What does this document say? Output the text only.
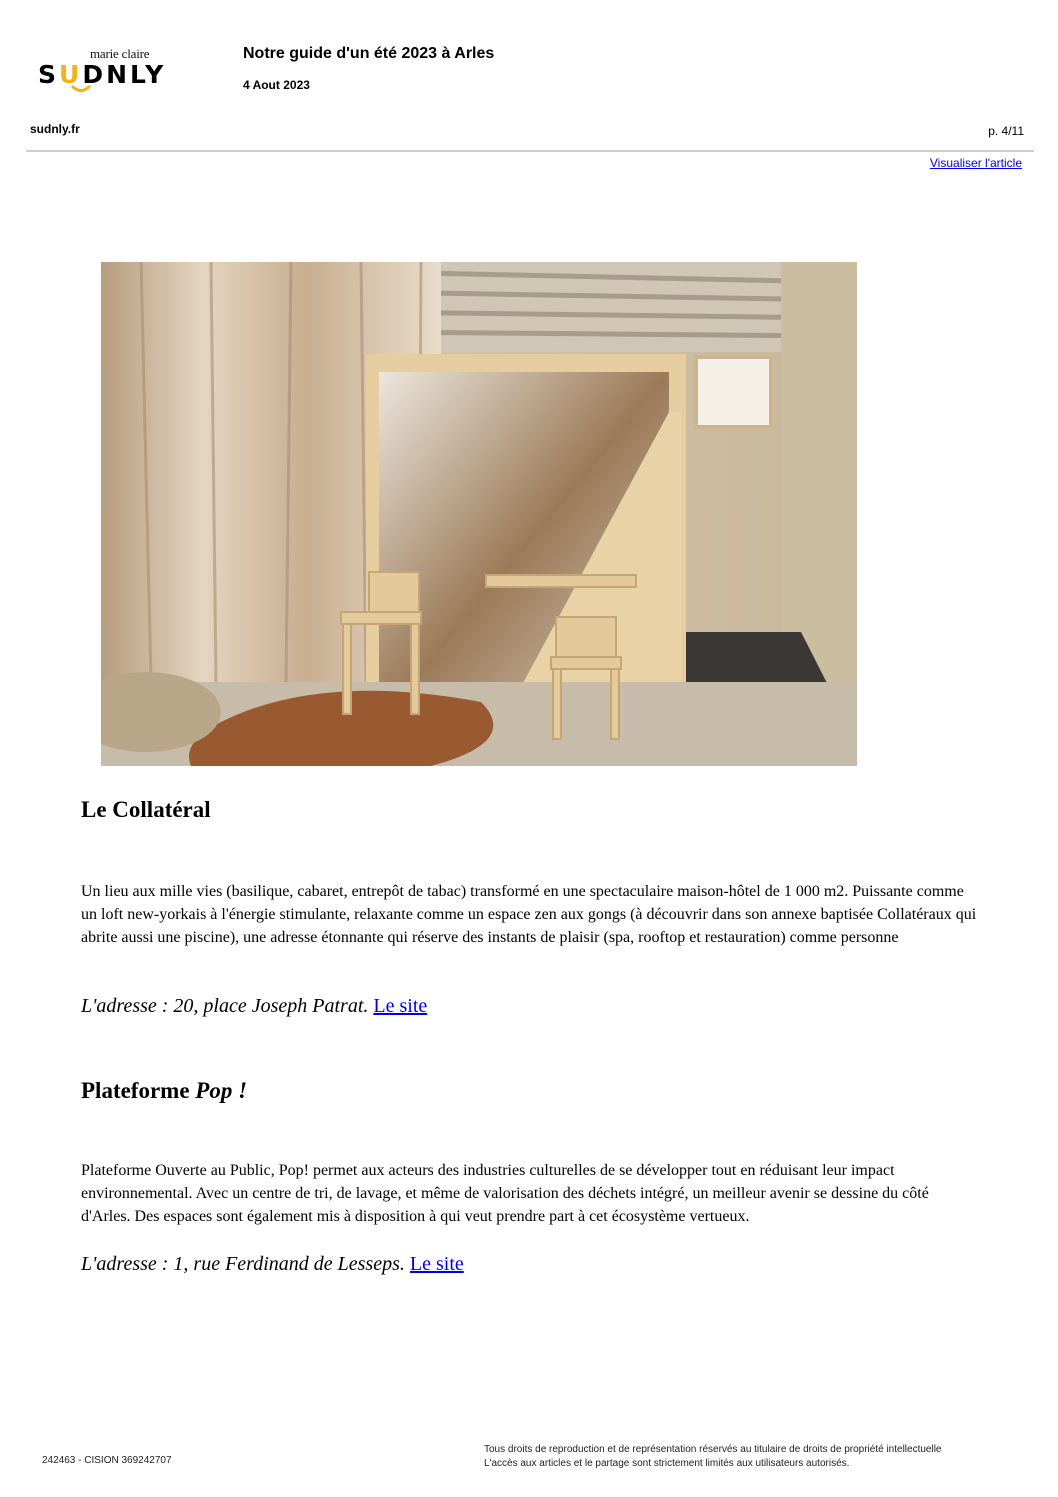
marie claire
SUDNLY
Notre guide d'un été 2023 à Arles
4 Aout 2023
sudnly.fr	p. 4/11
Visualiser l'article
Le Collatéral
Un lieu aux mille vies (basilique, cabaret, entrepôt de tabac) transformé en une spectaculaire maison-hôtel de 1 000 m2. Puissante comme un loft new-yorkais à l'énergie stimulante, relaxante comme un espace zen aux gongs (à découvrir dans son annexe baptisée Collatéraux qui abrite aussi une piscine), une adresse étonnante qui réserve des instants de plaisir (spa, rooftop et restauration) comme personne
L'adresse : 20, place Joseph Patrat. Le site
Plateforme Pop !
Plateforme Ouverte au Public, Pop! permet aux acteurs des industries culturelles de se développer tout en réduisant leur impact environnemental. Avec un centre de tri, de lavage, et même de valorisation des déchets intégré, un meilleur avenir se dessine du côté d'Arles. Des espaces sont également mis à disposition à qui veut prendre part à cet écosystème vertueux.
L'adresse : 1, rue Ferdinand de Lesseps. Le site
242463 - CISION 369242707
Tous droits de reproduction et de représentation réservés au titulaire de droits de propriété intellectuelle
L'accès aux articles et le partage sont strictement limités aux utilisateurs autorisés.
